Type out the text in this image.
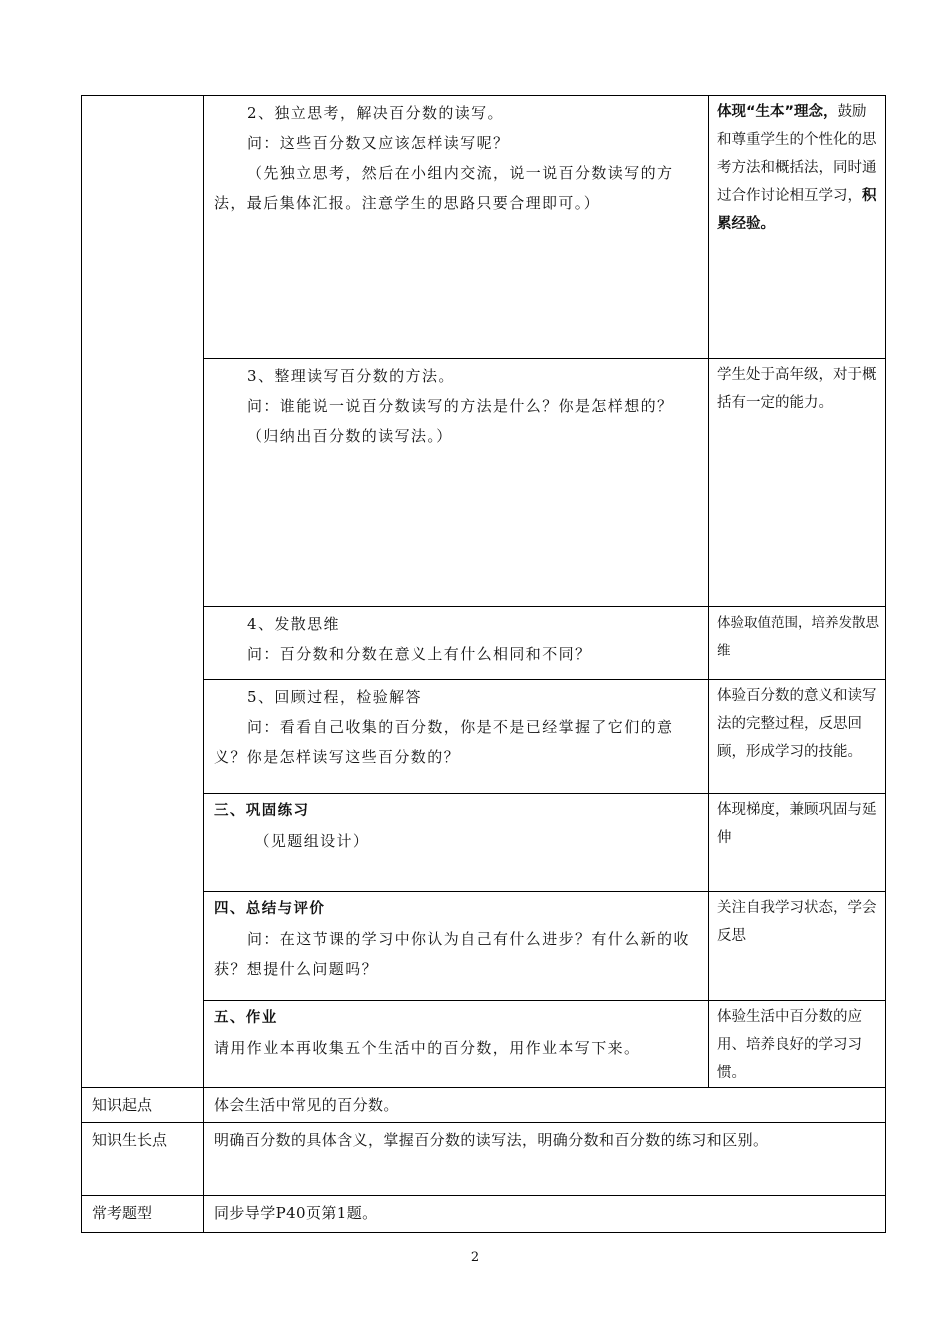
	2、独立思考，解决百分数的读写。

问：这些百分数又应该怎样读写呢？

（先独立思考，然后在小组内交流，说一说百分数读写的方法，最后集体汇报。注意学生的思路只要合理即可。）	体现“生本”理念，鼓励和尊重学生的个性化的思考方法和概括法，同时通过合作讨论相互学习，积累经验。

	3、整理读写百分数的方法。

问：谁能说一说百分数读写的方法是什么？你是怎样想的？

（归纳出百分数的读写法。）	学生处于高年级，对于概括有一定的能力。

	4、发散思维

问：百分数和分数在意义上有什么相同和不同？	体验取值范围，培养发散思维

	5、回顾过程，检验解答

问：看看自己收集的百分数，你是不是已经掌握了它们的意义？你是怎样读写这些百分数的？	体验百分数的意义和读写法的完整过程，反思回顾，形成学习的技能。

	三、巩固练习

（见题组设计）	体现梯度，兼顾巩固与延伸

	四、总结与评价

问：在这节课的学习中你认为自己有什么进步？有什么新的收获？想提什么问题吗？	关注自我学习状态，学会反思

	五、作业

请用作业本再收集五个生活中的百分数，用作业本写下来。	体验生活中百分数的应用、培养良好的学习习惯。

知识起点	体会生活中常见的百分数。	

知识生长点	明确百分数的具体含义，掌握百分数的读写法，明确分数和百分数的练习和区别。	

常考题型	同步导学P40页第1题。	
2
